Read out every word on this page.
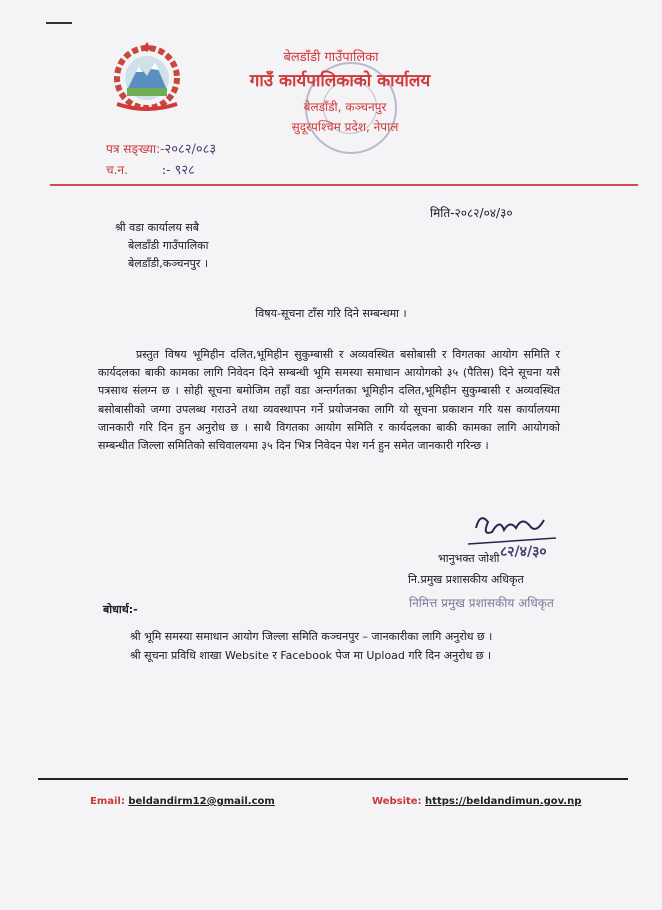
बेलडाँडी गाउँपालिका
गाउँ कार्यपालिकाको कार्यालय
बेलडाँडी, कञ्चनपुर
सुदूरपश्चिम प्रदेश, नेपाल
पत्र सङ्ख्या:-२०८२/०८३
च.न.	:- ९२८
मिति-२०८२/०४/३०
श्री वडा कार्यालय सबै
बेलडाँडी गाउँपालिका
बेलडाँडी,कञ्चनपुर ।
विषय-सूचना टाँस गरि दिने सम्बन्धमा ।
प्रस्तुत विषय भूमिहीन दलित,भूमिहीन सुकुम्बासी र अव्यवस्थित बसोबासी र विगतका आयोग समिति र कार्यदलका बाकी कामका लागि निवेदन दिने सम्बन्धी भूमि समस्या समाधान आयोगको ३५ (पैतिस) दिने सूचना यसै पत्रसाथ संलग्न छ । सोही सूचना बमोजिम तहाँ वडा अन्तर्गतका भूमिहीन दलित,भूमिहीन सुकुम्बासी र अव्यवस्थित बसोबासीको जग्गा उपलब्ध गराउने तथा व्यवस्थापन गर्ने प्रयोजनका लागि यो सूचना प्रकाशन गरि यस कार्यालयमा जानकारी गरि दिन हुन अनुरोध छ । साथै विगतका आयोग समिति र कार्यदलका बाकी कामका लागि आयोगको सम्बन्धीत जिल्ला समितिको सचिवालयमा ३५ दिन भित्र निवेदन पेश गर्न हुन समेत जानकारी गरिन्छ ।
८२/४/३०
भानुभक्त जोशी
नि.प्रमुख प्रशासकीय अधिकृत
निमित्त प्रमुख प्रशासकीय अधिकृत
बोधार्थ:-
श्री भूमि समस्या समाधान आयोग जिल्ला समिति कञ्चनपुर – जानकारीका लागि अनुरोध छ ।
श्री सूचना प्रविधि शाखा Website र Facebook पेज मा Upload गरि दिन अनुरोध छ ।
Email: beldandirm12@gmail.com	Website: https://beldandimun.gov.np
